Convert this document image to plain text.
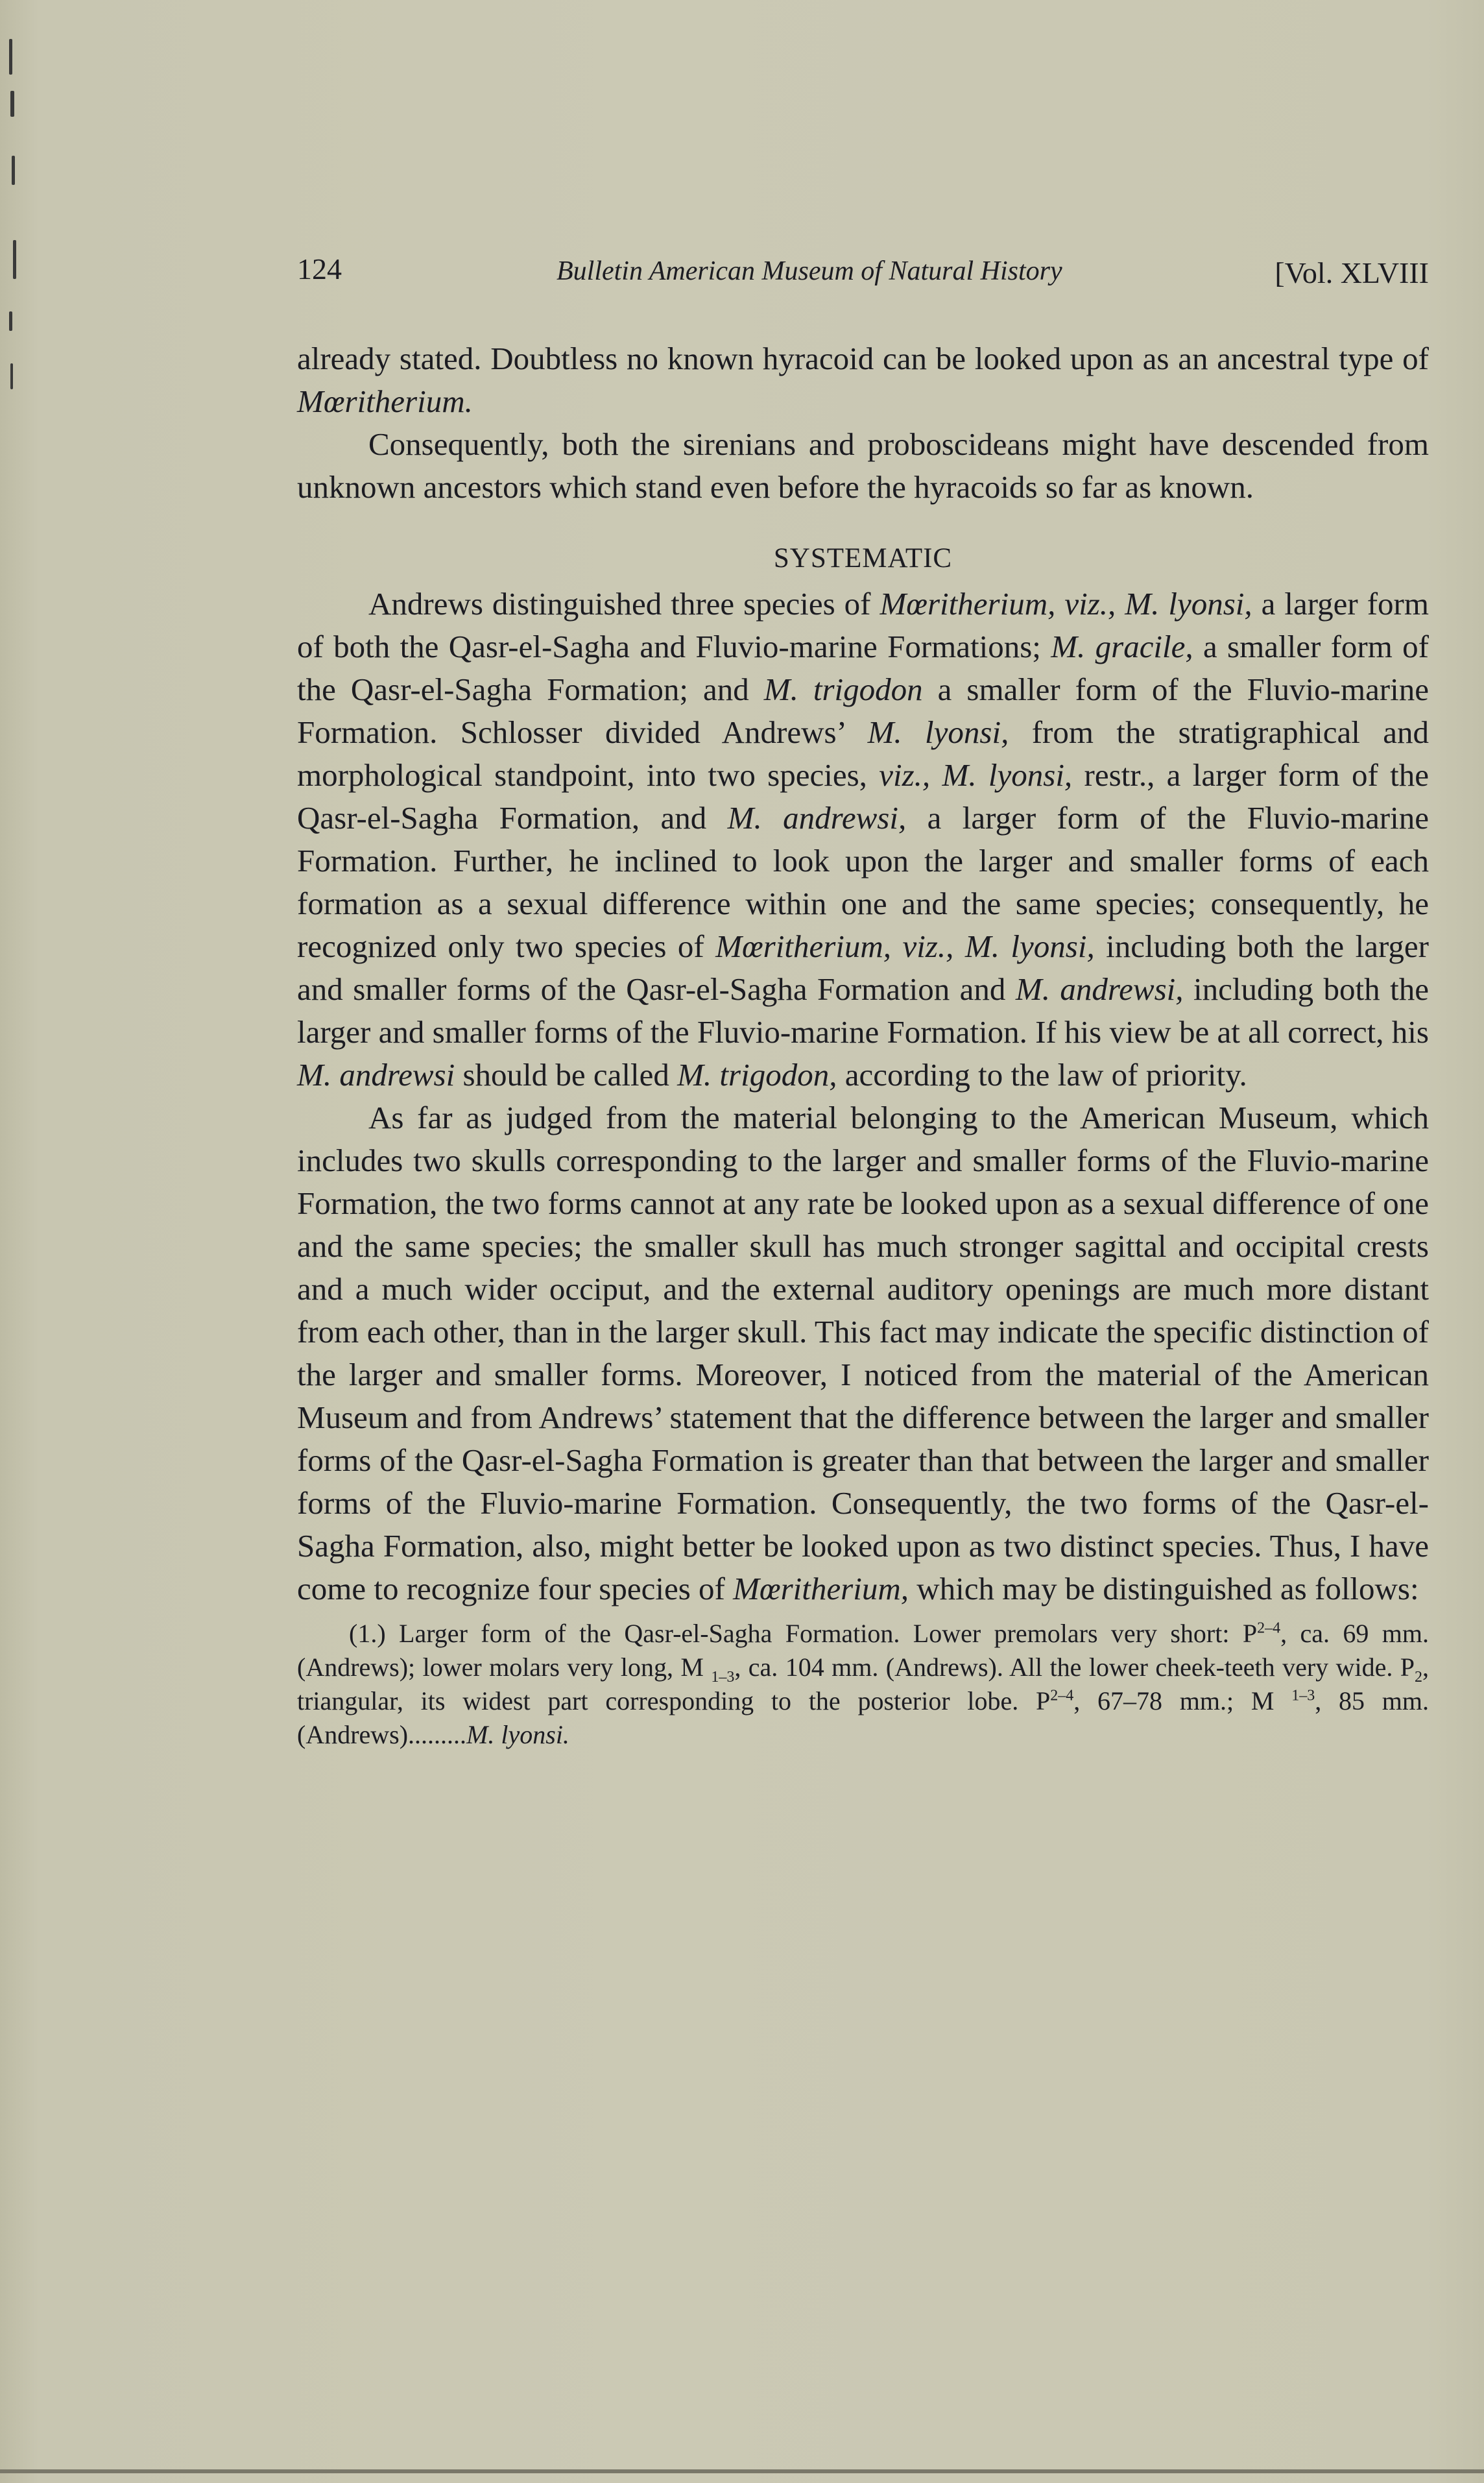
124	Bulletin American Museum of Natural History	[Vol. XLVIII

already stated. Doubtless no known hyracoid can be looked upon as an ancestral type of Mœritherium.

Consequently, both the sirenians and proboscideans might have descended from unknown ancestors which stand even before the hyracoids so far as known.

SYSTEMATIC

Andrews distinguished three species of Mœritherium, viz., M. lyonsi, a larger form of both the Qasr-el-Sagha and Fluvio-marine Formations; M. gracile, a smaller form of the Qasr-el-Sagha Formation; and M. trigodon a smaller form of the Fluvio-marine Formation. Schlosser divided Andrews’ M. lyonsi, from the stratigraphical and morphological standpoint, into two species, viz., M. lyonsi, restr., a larger form of the Qasr-el-Sagha Formation, and M. andrewsi, a larger form of the Fluvio-marine Formation. Further, he inclined to look upon the larger and smaller forms of each formation as a sexual difference within one and the same species; consequently, he recognized only two species of Mœritherium, viz., M. lyonsi, including both the larger and smaller forms of the Qasr-el-Sagha Formation and M. andrewsi, including both the larger and smaller forms of the Fluvio-marine Formation. If his view be at all correct, his M. andrewsi should be called M. trigodon, according to the law of priority.

As far as judged from the material belonging to the American Museum, which includes two skulls corresponding to the larger and smaller forms of the Fluvio-marine Formation, the two forms cannot at any rate be looked upon as a sexual difference of one and the same species; the smaller skull has much stronger sagittal and occipital crests and a much wider occiput, and the external auditory openings are much more distant from each other, than in the larger skull. This fact may indicate the specific distinction of the larger and smaller forms. Moreover, I noticed from the material of the American Museum and from Andrews’ statement that the difference between the larger and smaller forms of the Qasr-el-Sagha Formation is greater than that between the larger and smaller forms of the Fluvio-marine Formation. Consequently, the two forms of the Qasr-el-Sagha Formation, also, might better be looked upon as two distinct species. Thus, I have come to recognize four species of Mœritherium, which may be distinguished as follows:

(1.) Larger form of the Qasr-el-Sagha Formation. Lower premolars very short: $P^{2-4}$, ca. 69 mm. (Andrews); lower molars very long, M $_{1-3}$, ca. 104 mm. (Andrews). All the lower cheek-teeth very wide. $P_2$, triangular, its widest part corresponding to the posterior lobe. $P^{2-4}$, 67–78 mm.; M $^{1-3}$, 85 mm. (Andrews).........M. lyonsi.
